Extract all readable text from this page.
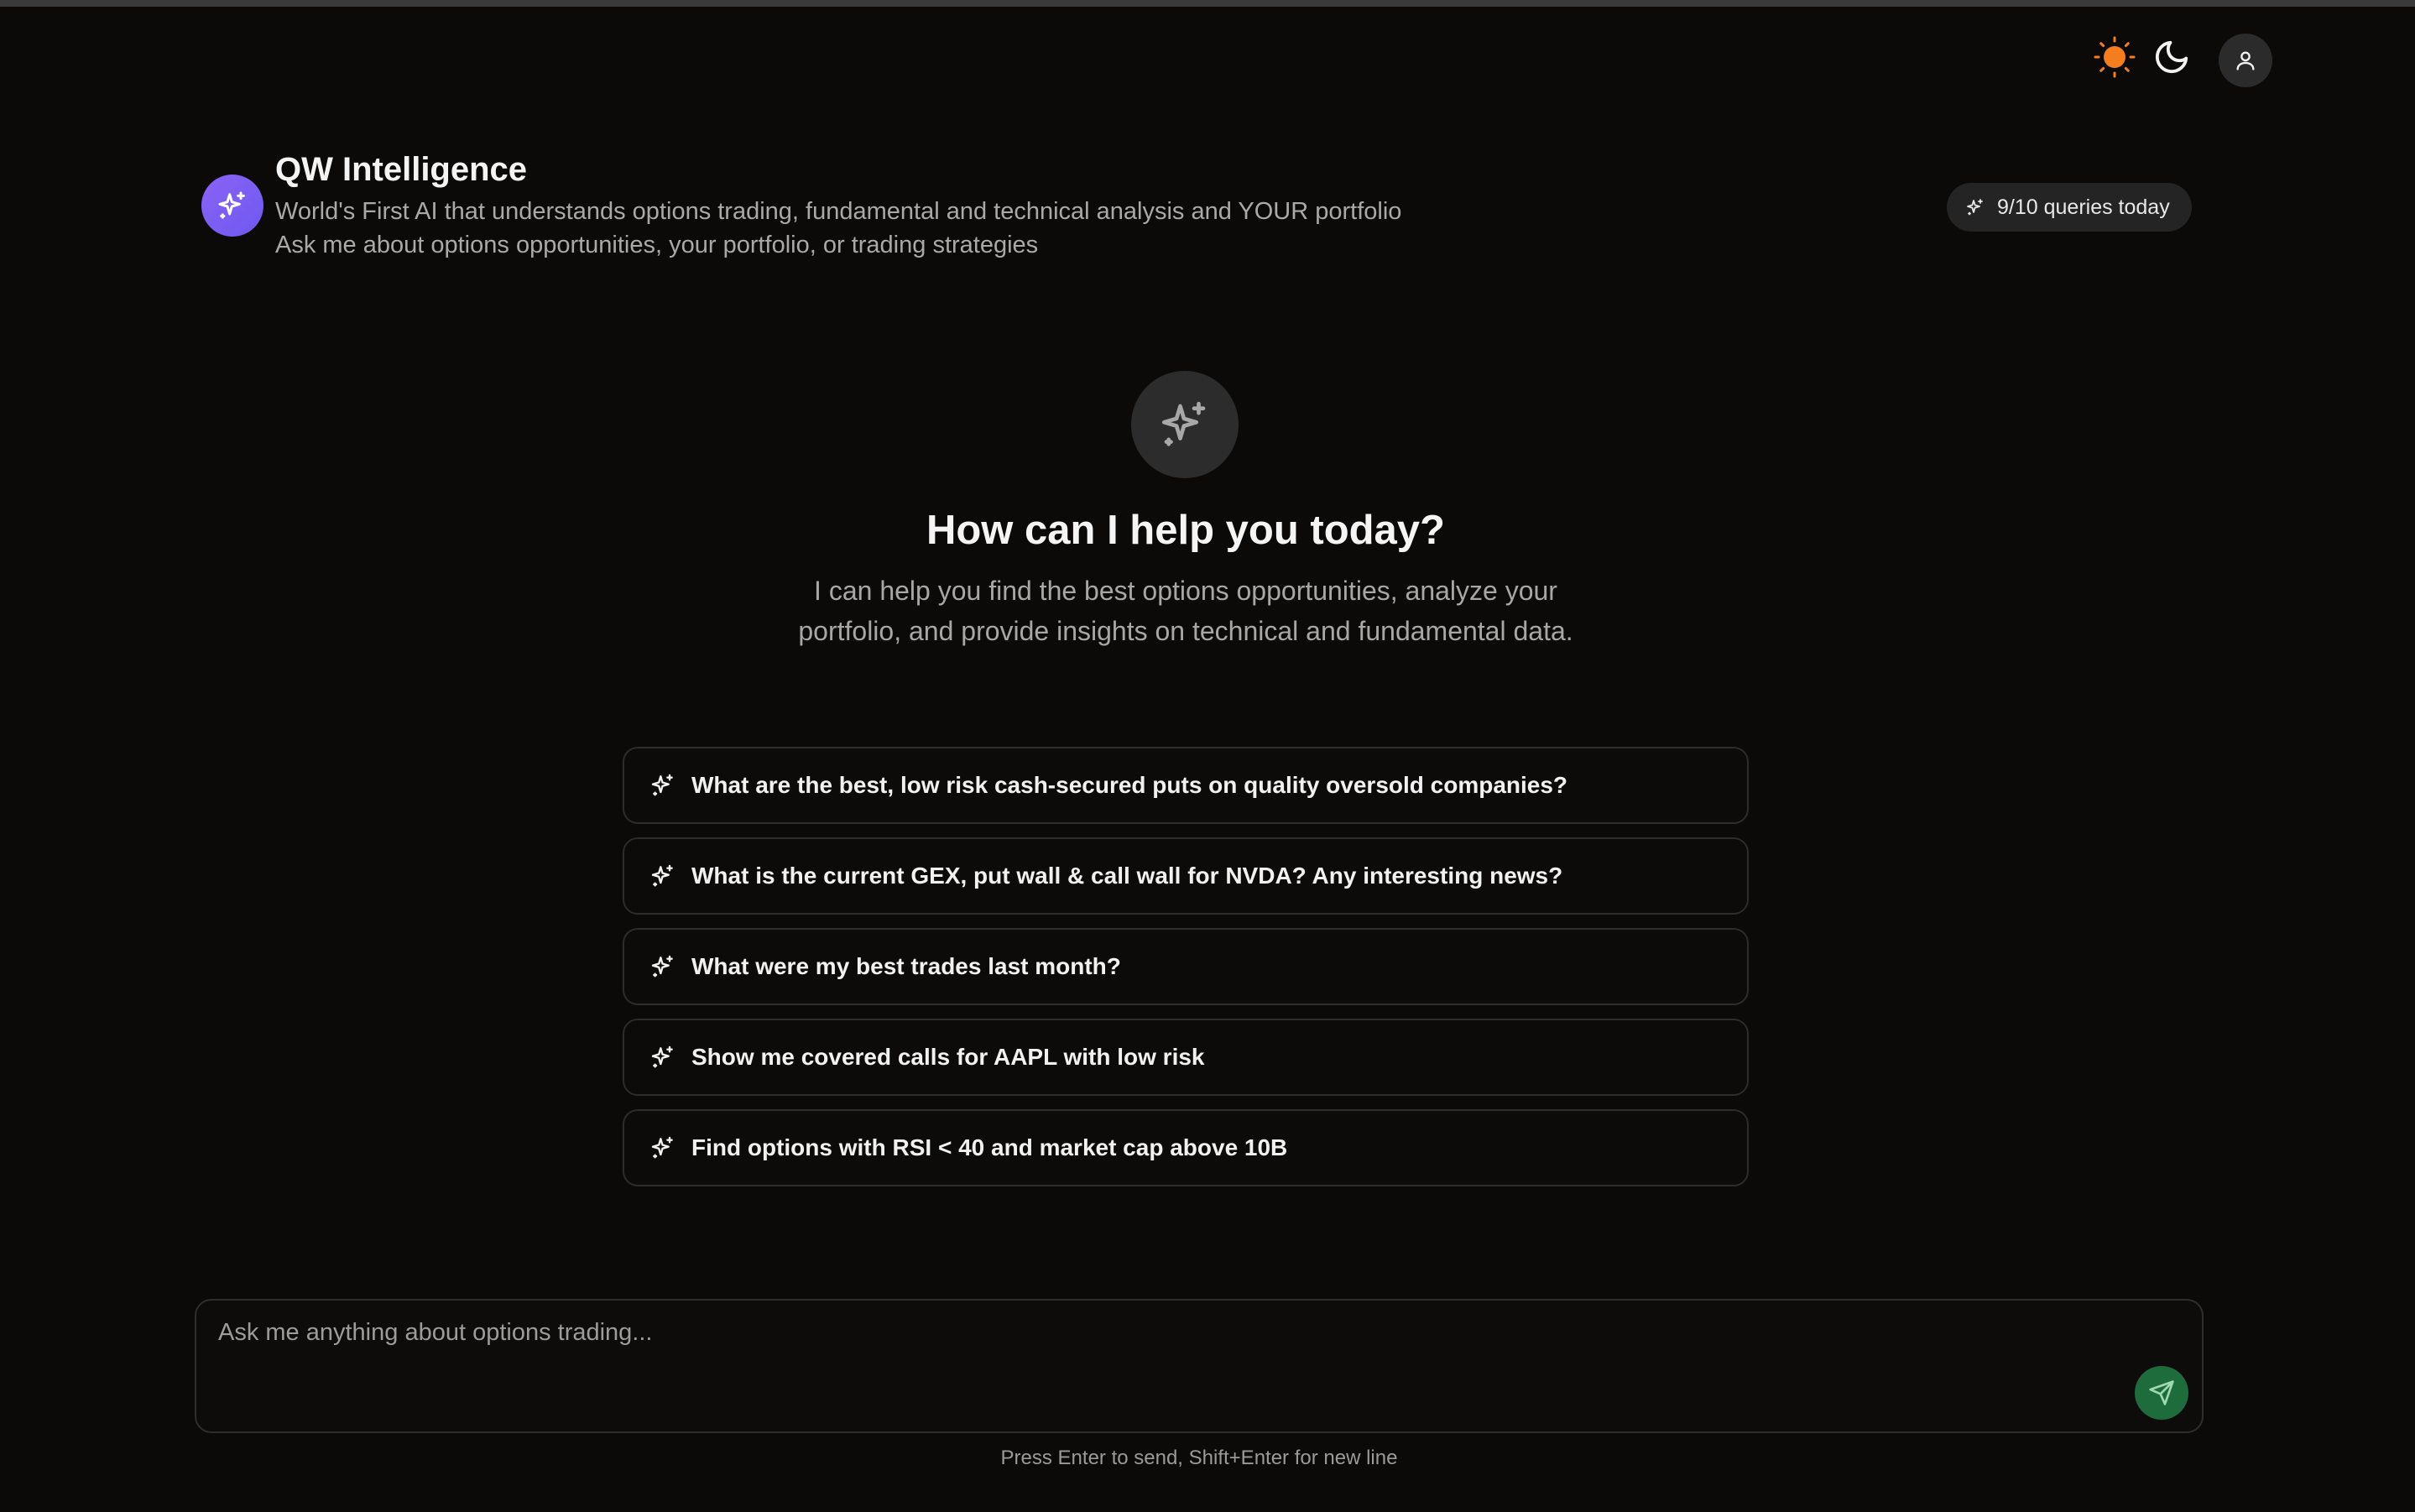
QW Intelligence
World's First AI that understands options trading, fundamental and technical analysis and YOUR portfolio
Ask me about options opportunities, your portfolio, or trading strategies
9/10 queries today
How can I help you today?
I can help you find the best options opportunities, analyze your portfolio, and provide insights on technical and fundamental data.
What are the best, low risk cash-secured puts on quality oversold companies?
What is the current GEX, put wall & call wall for NVDA? Any interesting news?
What were my best trades last month?
Show me covered calls for AAPL with low risk
Find options with RSI < 40 and market cap above 10B
Ask me anything about options trading...
Press Enter to send, Shift+Enter for new line
